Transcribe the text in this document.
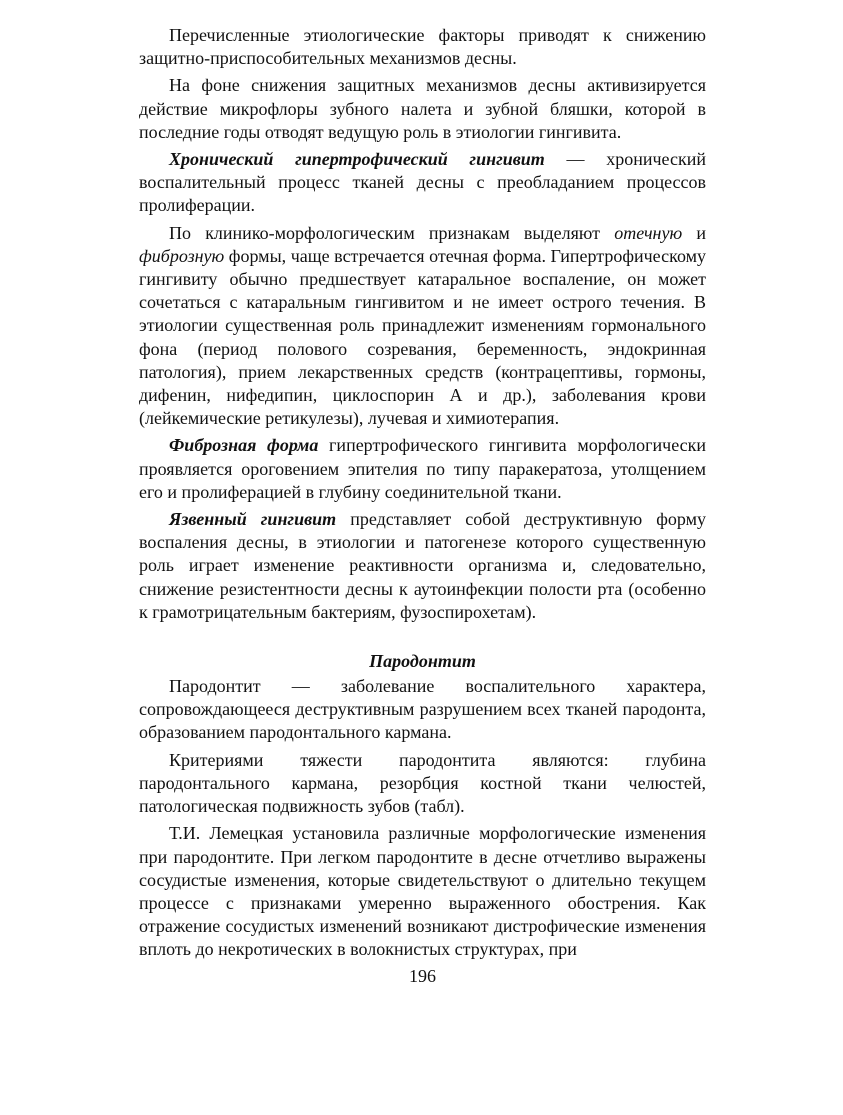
Перечисленные этиологические факторы приводят к снижению защитно-приспособительных механизмов десны.

На фоне снижения защитных механизмов десны активизируется действие микрофлоры зубного налета и зубной бляшки, которой в последние годы отводят ведущую роль в этиологии гингивита.

Хронический гипертрофический гингивит — хронический воспалительный процесс тканей десны с преобладанием процессов пролиферации.

По клинико-морфологическим признакам выделяют отечную и фиброзную формы, чаще встречается отечная форма. Гипертрофическому гингивиту обычно предшествует катаральное воспаление, он может сочетаться с катаральным гингивитом и не имеет острого течения. В этиологии существенная роль принадлежит изменениям гормонального фона (период полового созревания, беременность, эндокринная патология), прием лекарственных средств (контрацептивы, гормоны, дифенин, нифедипин, циклоспорин А и др.), заболевания крови (лейкемические ретикулезы), лучевая и химиотерапия.

Фиброзная форма гипертрофического гингивита морфологически проявляется ороговением эпителия по типу паракератоза, утолщением его и пролиферацией в глубину соединительной ткани.

Язвенный гингивит представляет собой деструктивную форму воспаления десны, в этиологии и патогенезе которого существенную роль играет изменение реактивности организма и, следовательно, снижение резистентности десны к аутоинфекции полости рта (особенно к грамотрицательным бактериям, фузоспирохетам).

Пародонтит

Пародонтит — заболевание воспалительного характера, сопровождающееся деструктивным разрушением всех тканей пародонта, образованием пародонтального кармана.

Критериями тяжести пародонтита являются: глубина пародонтального кармана, резорбция костной ткани челюстей, патологическая подвижность зубов (табл).

Т.И. Лемецкая установила различные морфологические изменения при пародонтите. При легком пародонтите в десне отчетливо выражены сосудистые изменения, которые свидетельствуют о длительно текущем процессе с признаками умеренно выраженного обострения. Как отражение сосудистых изменений возникают дистрофические изменения вплоть до некротических в волокнистых структурах, при

196
